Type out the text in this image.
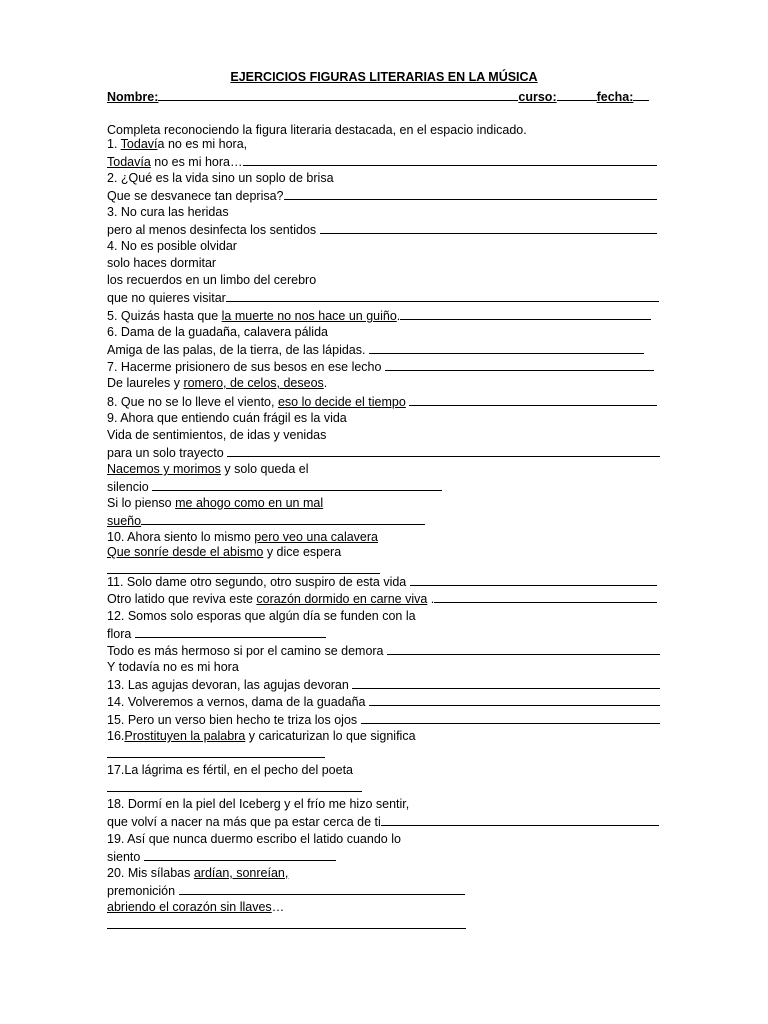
EJERCICIOS FIGURAS LITERARIAS EN LA MÚSICA
Nombre:	curso:	fecha:
Completa reconociendo la figura literaria destacada, en el espacio indicado.
1. Todavía no es mi hora,
Todavía no es mi hora…
2. ¿Qué es la vida sino un soplo de brisa
Que se desvanece tan deprisa?
3. No cura las heridas
pero al menos desinfecta los sentidos
4. No es posible olvidar
solo haces dormitar
los recuerdos en un limbo del cerebro
que no quieres visitar
5. Quizás hasta que la muerte no nos hace un guiño.
6. Dama de la guadaña, calavera pálida
Amiga de las palas, de la tierra, de las lápidas.
7. Hacerme prisionero de sus besos en ese lecho
De laureles y romero, de celos, deseos.
8. Que no se lo lleve el viento, eso lo decide el tiempo
9. Ahora que entiendo cuán frágil es la vida
Vida de sentimientos, de idas y venidas
para un solo trayecto
Nacemos y morimos y solo queda el
silencio
Si lo pienso me ahogo como en un mal
sueño
10. Ahora siento lo mismo pero veo una calavera
Que sonríe desde el abismo y dice espera
11. Solo dame otro segundo, otro suspiro de esta vida
Otro latido que reviva este corazón dormido en carne viva .
12. Somos solo esporas que algún día se funden con la
flora
Todo es más hermoso si por el camino se demora
Y todavía no es mi hora
13. Las agujas devoran, las agujas devoran
14. Volveremos a vernos, dama de la guadaña
15. Pero un verso bien hecho te triza los ojos
16.Prostituyen la palabra y caricaturizan lo que significa
17.La lágrima es fértil, en el pecho del poeta
18. Dormí en la piel del Iceberg y el frío me hizo sentir,
que volví a nacer na más que pa estar cerca de ti
19. Así que nunca duermo escribo el latido cuando lo
siento
20. Mis sílabas ardían, sonreían,
premonición
abriendo el corazón sin llaves…
